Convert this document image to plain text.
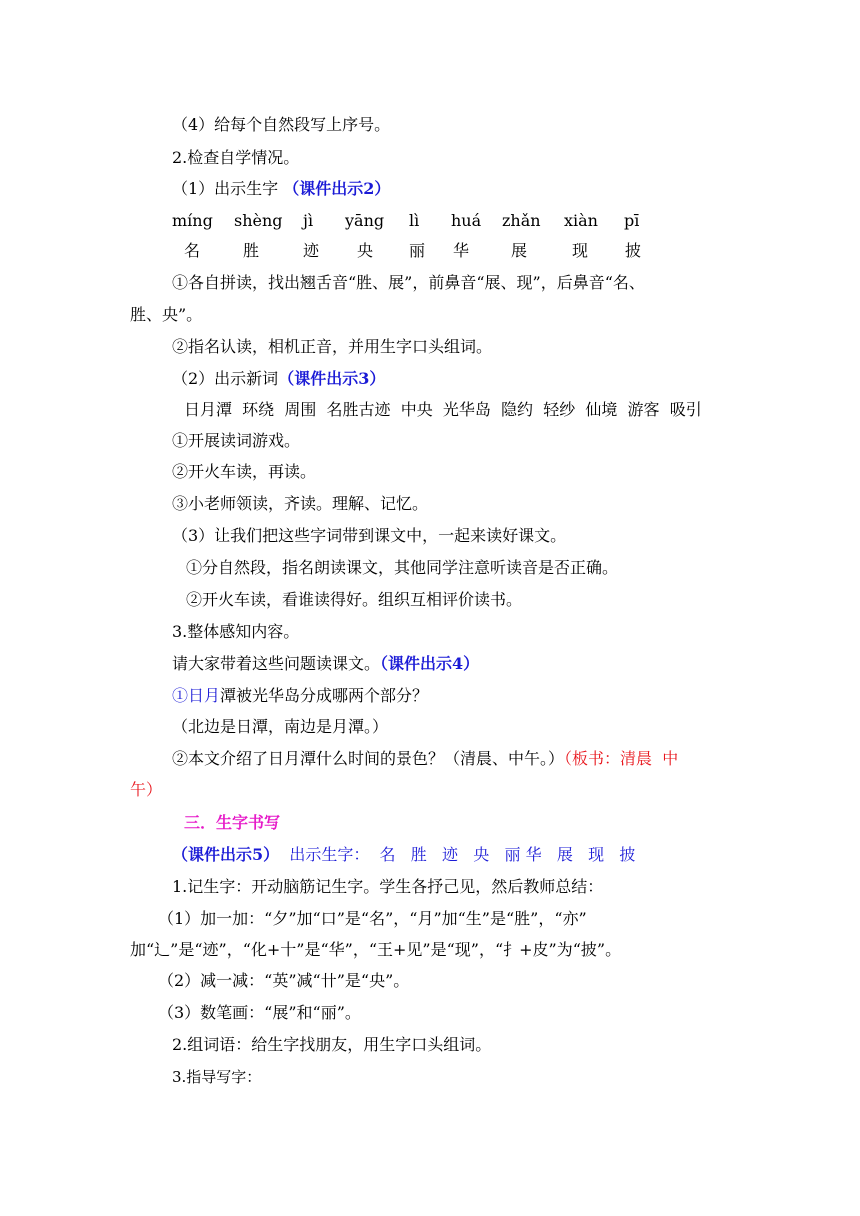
（4）给每个自然段写上序号。
2.检查自学情况。
（1）出示生字 （课件出示2）
míng shèng jì yāng lì huá zhǎn xiàn pī
名	胜	迹 央 丽 华	展	现 披
①各自拼读，找出翘舌音“胜、展”，前鼻音“展、现”，后鼻音“名、
胜、央”。
②指名认读，相机正音，并用生字口头组词。
（2）出示新词（课件出示3）
日月潭  环绕  周围  名胜古迹  中央  光华岛  隐约  轻纱  仙境  游客  吸引
①开展读词游戏。
②开火车读，再读。
③小老师领读，齐读。理解、记忆。
（3）让我们把这些字词带到课文中，一起来读好课文。
①分自然段，指名朗读课文，其他同学注意听读音是否正确。
②开火车读，看谁读得好。组织互相评价读书。
3.整体感知内容。
请大家带着这些问题读课文。（课件出示4）
①日月潭被光华岛分成哪两个部分？
（北边是日潭，南边是月潭。）
②本文介绍了日月潭什么时间的景色？（清晨、中午。）（板书：清晨  中
午）
三．生字书写
（课件出示5）  出示生字：  名   胜   迹   央   丽 华   展   现   披
1.记生字：开动脑筋记生字。学生各抒己见，然后教师总结：
（1）加一加：“夕”加“口”是“名”，“月”加“生”是“胜”，“亦”
加“辶”是“迹”，“化+十”是“华”，“王+见”是“现”，“扌+皮”为“披”。
（2）减一减：“英”减“卄”是“央”。
（3）数笔画：“展”和“丽”。
2.组词语：给生字找朋友，用生字口头组词。
3.指导写字：
